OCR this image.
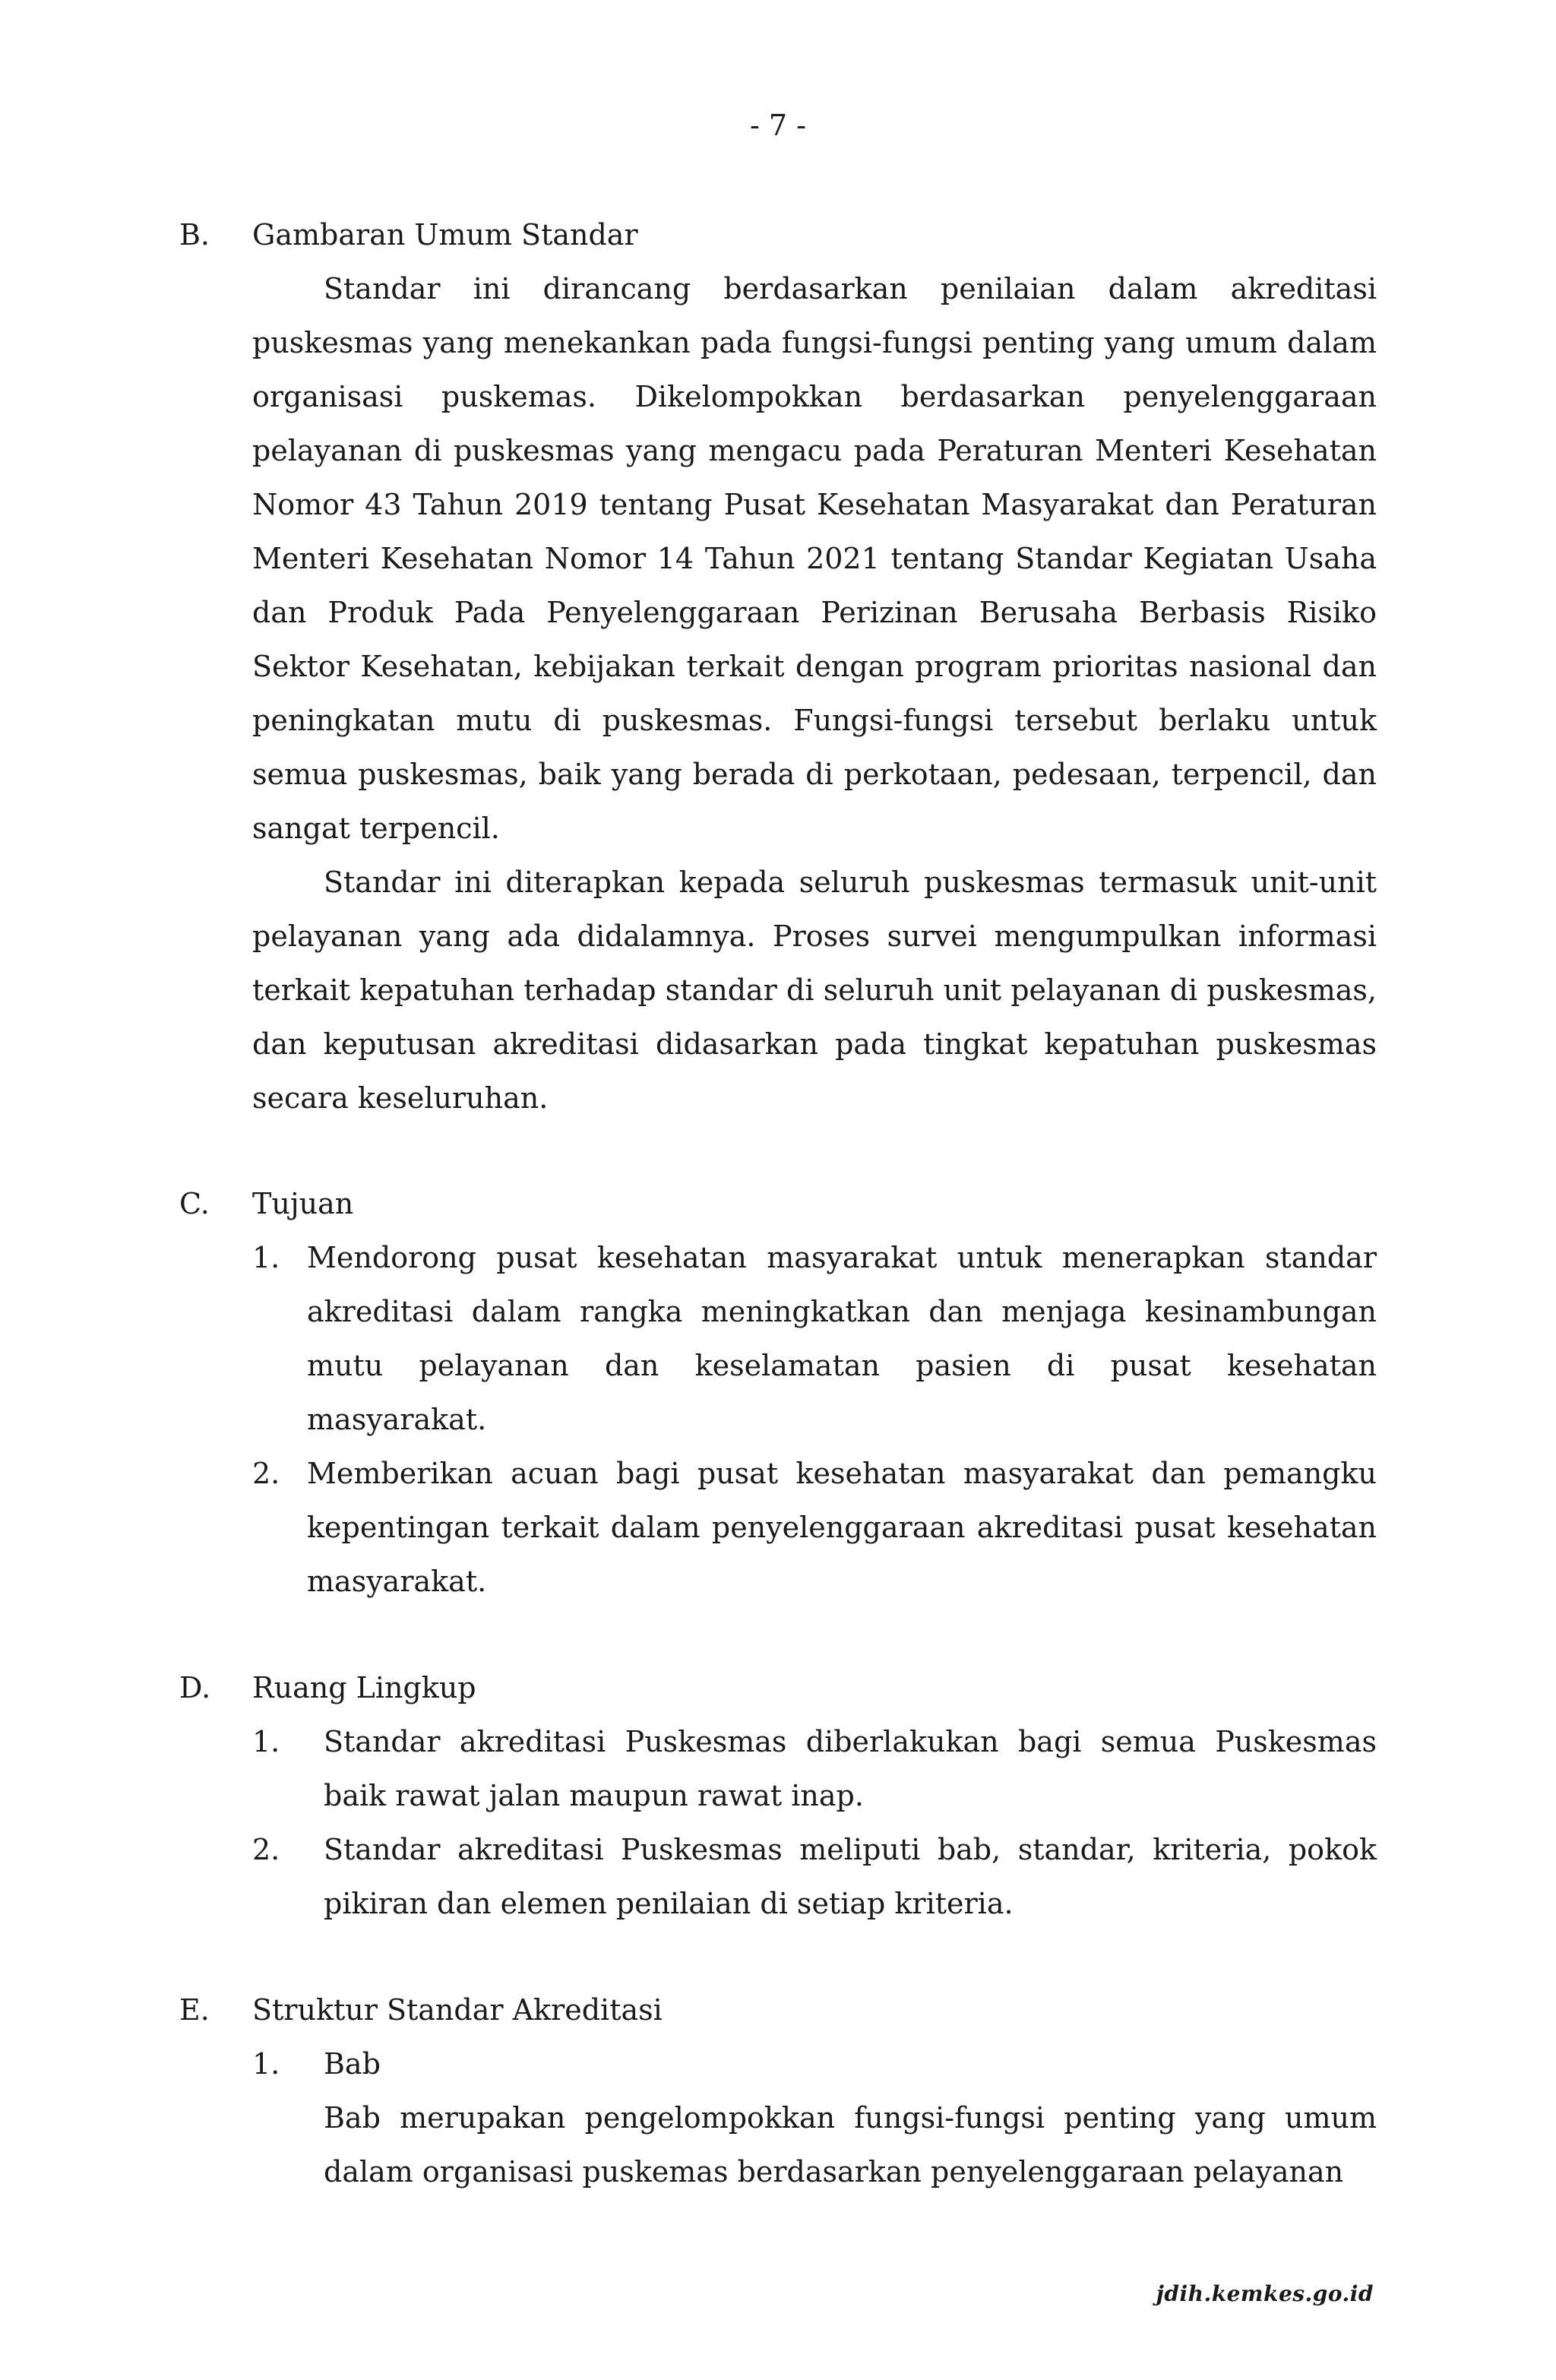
- 7 -
B. Gambaran Umum Standar

Standar ini dirancang berdasarkan penilaian dalam akreditasi puskesmas yang menekankan pada fungsi-fungsi penting yang umum dalam organisasi puskemas. Dikelompokkan berdasarkan penyelenggaraan pelayanan di puskesmas yang mengacu pada Peraturan Menteri Kesehatan Nomor 43 Tahun 2019 tentang Pusat Kesehatan Masyarakat dan Peraturan Menteri Kesehatan Nomor 14 Tahun 2021 tentang Standar Kegiatan Usaha dan Produk Pada Penyelenggaraan Perizinan Berusaha Berbasis Risiko Sektor Kesehatan, kebijakan terkait dengan program prioritas nasional dan peningkatan mutu di puskesmas. Fungsi-fungsi tersebut berlaku untuk semua puskesmas, baik yang berada di perkotaan, pedesaan, terpencil, dan sangat terpencil.

Standar ini diterapkan kepada seluruh puskesmas termasuk unit-unit pelayanan yang ada didalamnya. Proses survei mengumpulkan informasi terkait kepatuhan terhadap standar di seluruh unit pelayanan di puskesmas, dan keputusan akreditasi didasarkan pada tingkat kepatuhan puskesmas secara keseluruhan.

C. Tujuan
1. Mendorong pusat kesehatan masyarakat untuk menerapkan standar akreditasi dalam rangka meningkatkan dan menjaga kesinambungan mutu pelayanan dan keselamatan pasien di pusat kesehatan masyarakat.
2. Memberikan acuan bagi pusat kesehatan masyarakat dan pemangku kepentingan terkait dalam penyelenggaraan akreditasi pusat kesehatan masyarakat.
D. Ruang Lingkup
1. Standar akreditasi Puskesmas diberlakukan bagi semua Puskesmas baik rawat jalan maupun rawat inap.
2. Standar akreditasi Puskesmas meliputi bab, standar, kriteria, pokok pikiran dan elemen penilaian di setiap kriteria.
E. Struktur Standar Akreditasi
1. Bab

Bab merupakan pengelompokkan fungsi-fungsi penting yang umum dalam organisasi puskemas berdasarkan penyelenggaraan pelayanan

jdih.kemkes.go.id
